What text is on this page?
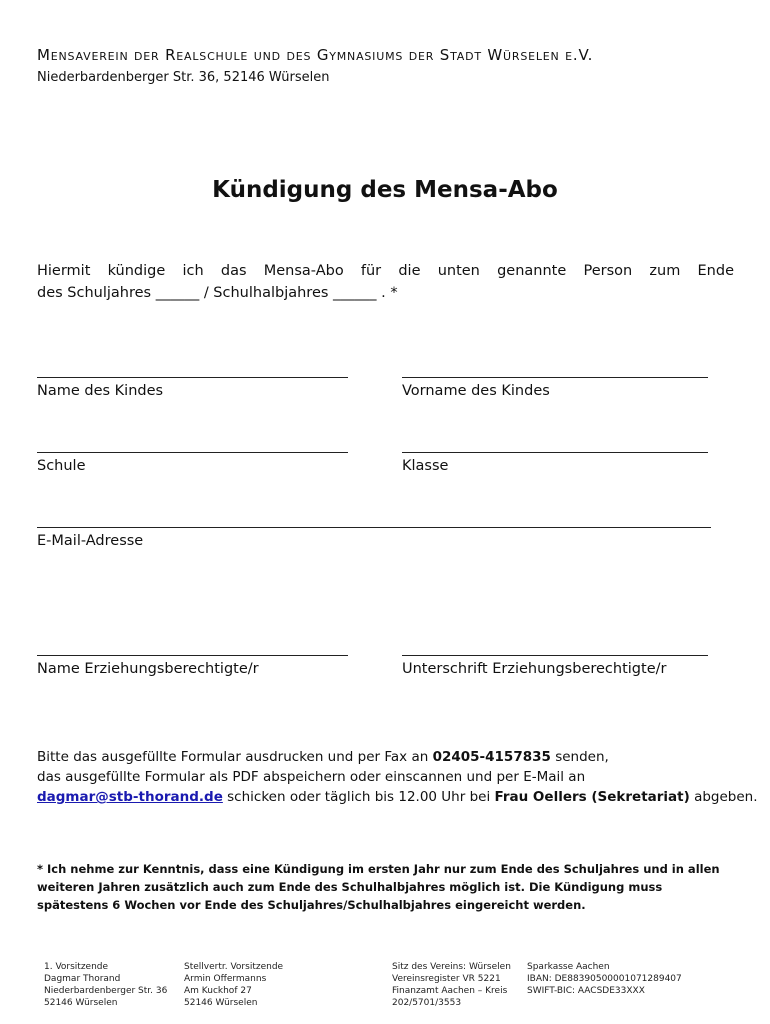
Mensaverein der Realschule und des Gymnasiums der Stadt Würselen e.V.
Niederbardenberger Str. 36, 52146 Würselen
Kündigung des Mensa-Abo
Hiermit kündige ich das Mensa-Abo für die unten genannte Person zum Ende
des Schuljahres ______ / Schulhalbjahres ______ . *
Name des Kindes	Vorname des Kindes
Schule	Klasse
E-Mail-Adresse
Name Erziehungsberechtigte/r	Unterschrift Erziehungsberechtigte/r
Bitte das ausgefüllte Formular ausdrucken und per Fax an 02405-4157835 senden,
das ausgefüllte Formular als PDF abspeichern oder einscannen und per E-Mail an
dagmar@stb-thorand.de schicken oder täglich bis 12.00 Uhr bei Frau Oellers (Sekretariat) abgeben.
* Ich nehme zur Kenntnis, dass eine Kündigung im ersten Jahr nur zum Ende des Schuljahres und in allen weiteren Jahren zusätzlich auch zum Ende des Schulhalbjahres möglich ist. Die Kündigung muss spätestens 6 Wochen vor Ende des Schuljahres/Schulhalbjahres eingereicht werden.
1. Vorsitzende
Dagmar Thorand
Niederbardenberger Str. 36
52146 Würselen
Stellvertr. Vorsitzende
Armin Offermanns
Am Kuckhof 27
52146 Würselen
Sitz des Vereins: Würselen
Vereinsregister VR 5221
Finanzamt Aachen – Kreis
202/5701/3553
Sparkasse Aachen
IBAN: DE88390500001071289407
SWIFT-BIC: AACSDE33XXX
